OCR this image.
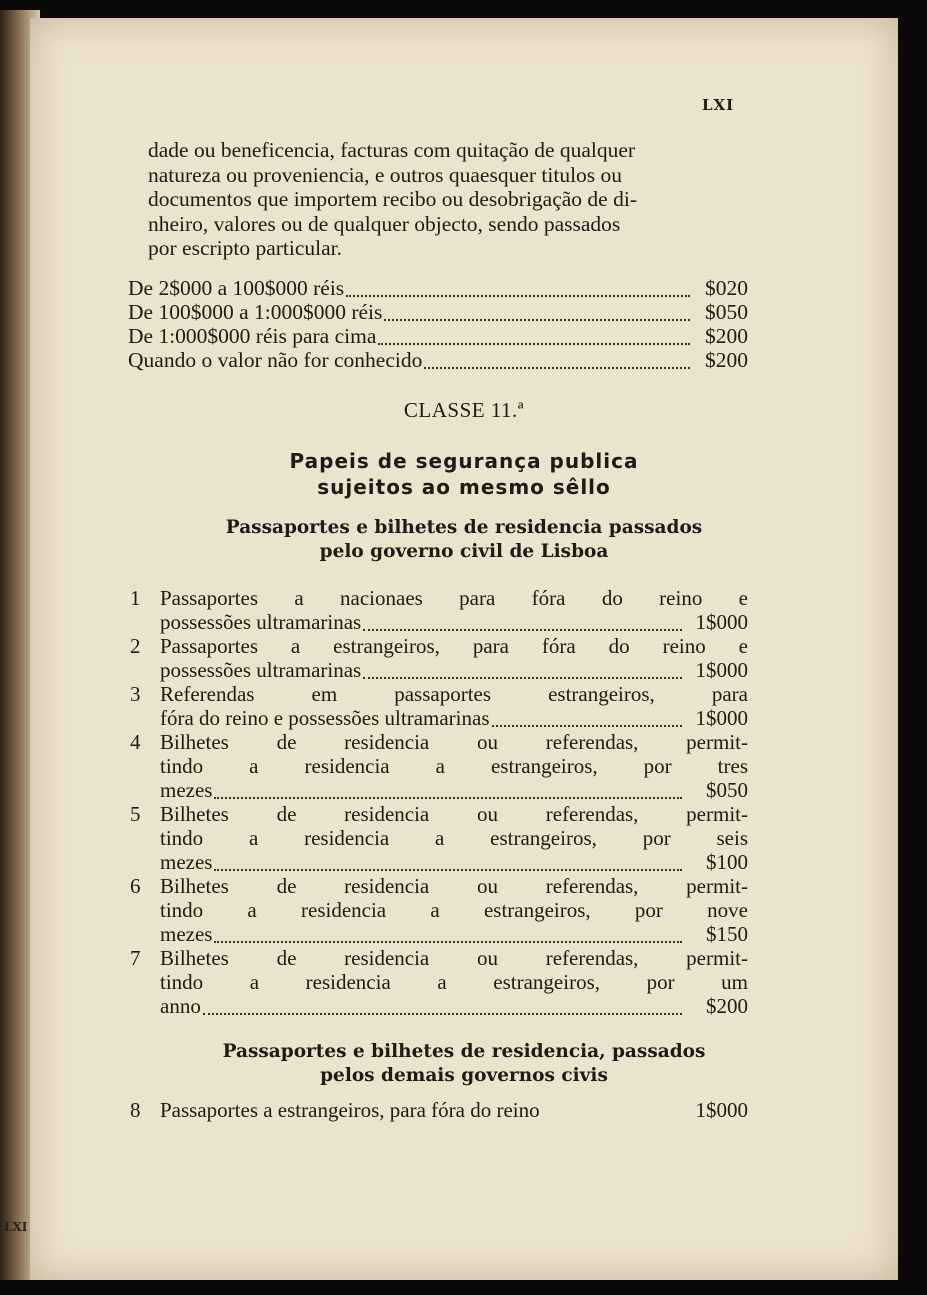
LXI
dade ou beneficencia, facturas com quitação de qualquer
natureza ou proveniencia, e outros quaesquer titulos ou
documentos que importem recibo ou desobrigação de di-
nheiro, valores ou de qualquer objecto, sendo passados
por escripto particular.
De 2$000 a 100$000 réis	$020
De 100$000 a 1:000$000 réis	$050
De 1:000$000 réis para cima	$200
Quando o valor não for conhecido	$200
CLASSE 11.ª
Papeis de segurança publica
sujeitos ao mesmo sêllo
Passaportes e bilhetes de residencia passados
pelo governo civil de Lisboa
1 Passaportes a nacionaes para fóra do reino e
possessões ultramarinas	1$000
2 Passaportes a estrangeiros, para fóra do reino e
possessões ultramarinas	1$000
3 Referendas em passaportes estrangeiros, para
fóra do reino e possessões ultramarinas	1$000
4 Bilhetes de residencia ou referendas, permit-
tindo a residencia a estrangeiros, por tres
mezes	$050
5 Bilhetes de residencia ou referendas, permit-
tindo a residencia a estrangeiros, por seis
mezes	$100
6 Bilhetes de residencia ou referendas, permit-
tindo a residencia a estrangeiros, por nove
mezes	$150
7 Bilhetes de residencia ou referendas, permit-
tindo a residencia a estrangeiros, por um
anno	$200
Passaportes e bilhetes de residencia, passados
pelos demais governos civis
8 Passaportes a estrangeiros, para fóra do reino	1$000
LXI
